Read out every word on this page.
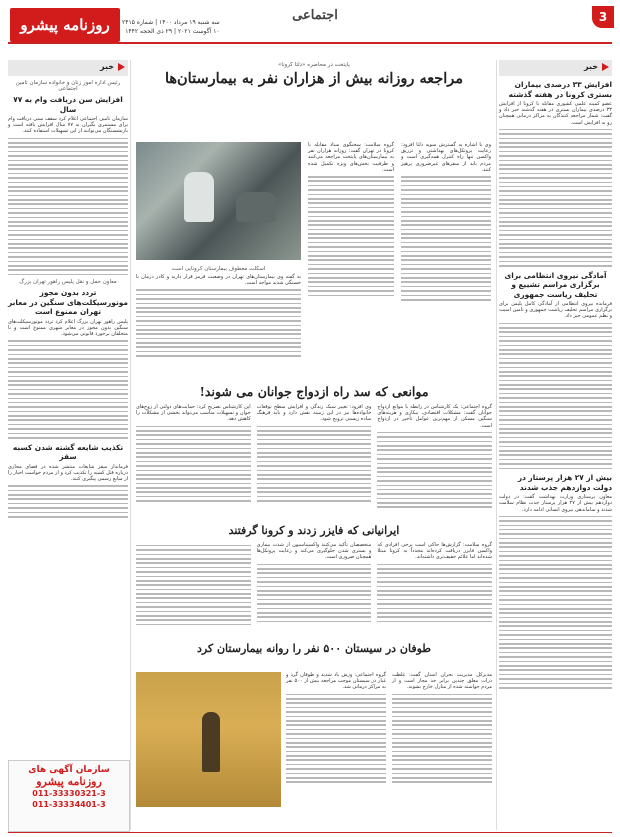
روزنامه پیشرو	سه شنبه ۱۹ مرداد ۱۴۰۰ | شماره ۲۴۱۵
۱۰ آگوست ۲۰۲۱ | ۲۹ ذی الحجه ۱۴۴۲
اجتماعی	3
خبر
افزایش ۳۳ درصدی بیماران بستری کرونا در هفته گذشته
عضو کمیته علمی کشوری مقابله با کرونا از افزایش ۳۳ درصدی بیماران بستری در هفته گذشته خبر داد و گفت: شمار مراجعه کنندگان به مراکز درمانی همچنان رو به افزایش است.
آمادگی نیروی انتظامی برای برگزاری مراسم تشییع و تحلیف ریاست جمهوری
فرمانده نیروی انتظامی از آمادگی کامل پلیس برای برگزاری مراسم تحلیف ریاست جمهوری و تامین امنیت و نظم عمومی خبر داد.
بیش از ۲۷ هزار پرستار در دولت دوازدهم جذب شدند
معاون پرستاری وزارت بهداشت گفت: در دولت دوازدهم بیش از ۲۷ هزار پرستار جذب نظام سلامت شدند و ساماندهی نیروی انسانی ادامه دارد.
پایتخت در محاصره «دلتا کرونا»
مراجعه روزانه بیش از هزاران نفر به بیمارستان‌ها
گروه سلامت: سخنگوی ستاد مقابله با کرونا در تهران گفت: روزانه هزاران نفر به بیمارستان‌های پایتخت مراجعه می‌کنند و ظرفیت بخش‌های ویژه تکمیل شده است.
وی با اشاره به گسترش سویه دلتا افزود: رعایت پروتکل‌های بهداشتی و تزریق واکسن تنها راه کنترل همه‌گیری است و مردم باید از سفرهای غیرضروری پرهیز کنند.
اسکلت معطوف بیمارستان کرونایی است
به گفته وی بیمارستان‌های تهران در وضعیت قرمز قرار دارند و کادر درمان با خستگی شدید مواجه است.
موانعی که سد راه ازدواج جوانان می شوند!
گروه اجتماعی: یک کارشناس در رابطه با موانع ازدواج جوانان گفت: مشکلات اقتصادی، بیکاری و هزینه‌های سنگین مسکن از مهم‌ترین عوامل تأخیر در ازدواج است.
وی افزود: تغییر سبک زندگی و افزایش سطح توقعات خانواده‌ها نیز در این زمینه نقش دارد و باید فرهنگ ساده زیستی ترویج شود.
این کارشناس تصریح کرد: حمایت‌های دولتی از زوج‌های جوان و تسهیلات مناسب می‌تواند بخشی از مشکلات را کاهش دهد.
ایرانیانی که فایزر زدند و کرونا گرفتند
گروه سلامت: گزارش‌ها حاکی است برخی افرادی که واکسن فایزر دریافت کرده‌اند مجدداً به کرونا مبتلا شده‌اند اما علائم خفیف‌تری داشته‌اند.
متخصصان تأکید می‌کنند واکسیناسیون از شدت بیماری و بستری شدن جلوگیری می‌کند و رعایت پروتکل‌ها همچنان ضروری است.
طوفان در سیستان ۵۰۰ نفر را روانه بیمارستان کرد
گروه اجتماعی: وزش باد شدید و طوفان گرد و غبار در سیستان موجب مراجعه بیش از ۵۰۰ نفر به مراکز درمانی شد.
مدیرکل مدیریت بحران استان گفت: غلظت ذرات معلق چندین برابر حد مجاز است و از مردم خواسته شده از منازل خارج نشوند.
خبر
رئیس اداره امور زنان و خانواده سازمان تامین اجتماعی
افزایش سن دریافت وام به ۷۷ سال
سازمان تامین اجتماعی اعلام کرد سقف سنی دریافت وام برای مستمری بگیران به ۷۷ سال افزایش یافته است و بازنشستگان می‌توانند از این تسهیلات استفاده کنند.
معاون حمل و نقل پلیس راهور تهران بزرگ
تردد بدون مجوز موتورسیکلت‌های سنگین در معابر تهران ممنوع است
پلیس راهور تهران بزرگ اعلام کرد تردد موتورسیکلت‌های سنگین بدون مجوز در معابر شهری ممنوع است و با متخلفان برخورد قانونی می‌شود.
تکذیب شایعه گشته شدن کسبه سقز
فرماندار سقز شایعات منتشر شده در فضای مجازی درباره قتل کسبه را تکذیب کرد و از مردم خواست اخبار را از منابع رسمی پیگیری کنند.
سازمان آگهی های
روزنامه پیشرو
011-33330321-3
011-33334401-3
